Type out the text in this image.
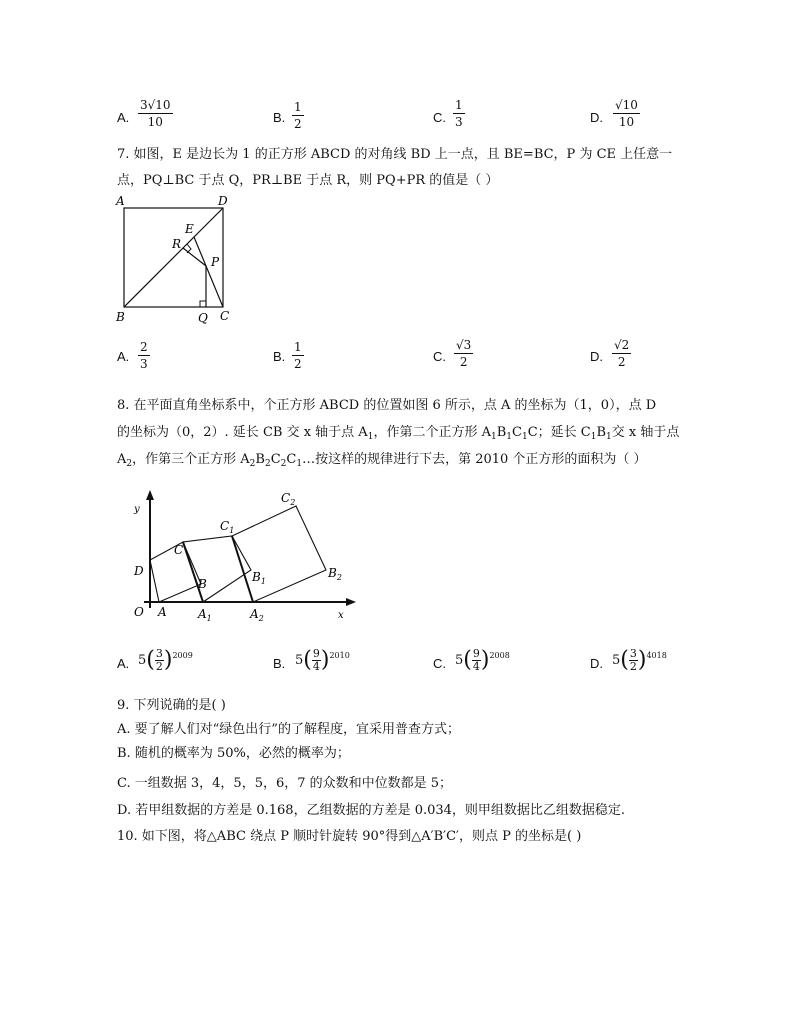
A. $\frac{3√10}{10}$	B. $\frac{1}{2}$	C. $\frac{1}{3}$	D. $\frac{√10}{10}$
7. 如图，E 是边长为 1 的正方形 ABCD 的对角线 BD 上一点，且 BE=BC，P 为 CE 上任意一
点，PQ⊥BC 于点 Q，PR⊥BE 于点 R，则 PQ+PR 的值是（ ）
A	D
E
R
P
B	Q C
A. $\frac{2}{3}$	B. $\frac{1}{2}$	C. $\frac{√3}{2}$	D. $\frac{√2}{2}$
8. 在平面直角坐标系中，个正方形 ABCD 的位置如图 6 所示，点 A 的坐标为（1，0），点 D
的坐标为（0，2）. 延长 CB 交 x 轴于点 $A_1$，作第二个正方形 $A_1B_1C_1C$；延长 $C_1B_1$交 x 轴于点
$A_2$，作第三个正方形 $A_2B_2C_2C_1\dots$按这样的规律进行下去，第 2010 个正方形的面积为（ ）
y
x
O A	$A_1$	$A_2$
D
B	$B_1$
$B_2$
C
$C_1$
$C_2$
A. $5( \frac{3}{2} )^{2009}$
B. $5( \frac{9}{4} )^{2010}$
C. $5( \frac{9}{4} )^{2008}$
D. $5( \frac{3}{2} )^{4018}$
9. 下列说确的是( )
A. 要了解人们对“绿色出行”的了解程度，宜采用普查方式；
B. 随机的概率为 50%，必然的概率为；
C. 一组数据 3，4，5，5，6，7 的众数和中位数都是 5；
D. 若甲组数据的方差是 0.168，乙组数据的方差是 0.034，则甲组数据比乙组数据稳定.
10. 如下图，将△ABC 绕点 P 顺时针旋转 90°得到△A′B′C′，则点 P 的坐标是( )
